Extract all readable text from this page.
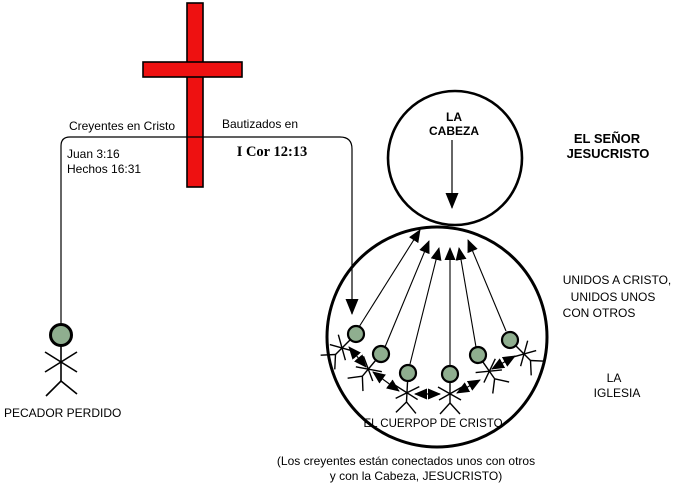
Creyentes en Cristo	Bautizados en
I Cor 12:13
Juan 3:16
Hechos 16:31
PECADOR PERDIDO
LA
CABEZA	EL SEÑOR
JESUCRISTO
UNIDOS A CRISTO,
UNIDOS UNOS
CON OTROS
LA
IGLESIA
EL CUERPOP DE CRISTO
(Los creyentes están conectados unos con otros
y con la Cabeza, JESUCRISTO)
